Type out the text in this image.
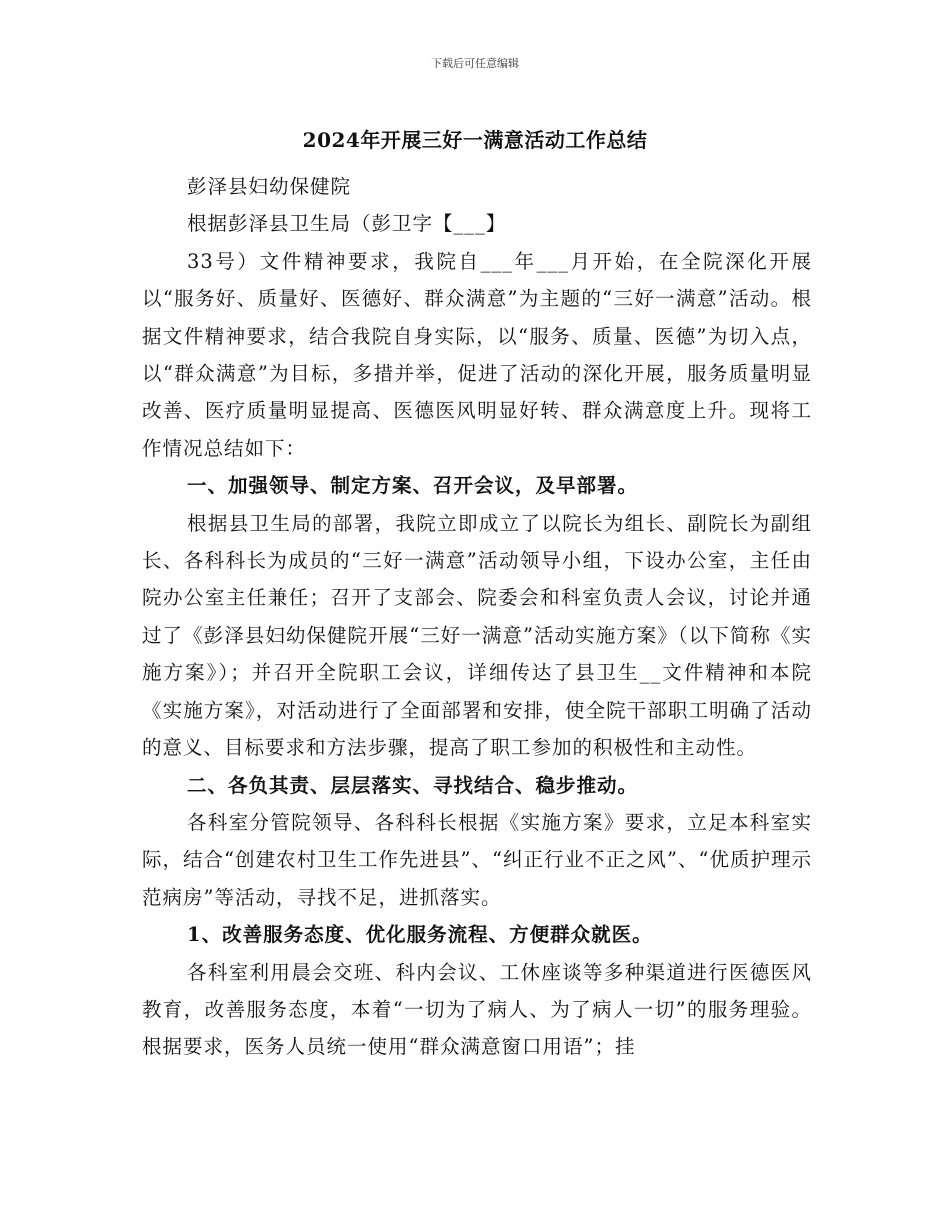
下载后可任意编辑
2024年开展三好一满意活动工作总结

彭泽县妇幼保健院

根据彭泽县卫生局（彭卫字【___】

33号）文件精神要求，我院自___年___月开始，在全院深化开展以“服务好、质量好、医德好、群众满意”为主题的“三好一满意”活动。根据文件精神要求，结合我院自身实际，以“服务、质量、医德”为切入点，以“群众满意”为目标，多措并举，促进了活动的深化开展，服务质量明显改善、医疗质量明显提高、医德医风明显好转、群众满意度上升。现将工作情况总结如下：

一、加强领导、制定方案、召开会议，及早部署。

根据县卫生局的部署，我院立即成立了以院长为组长、副院长为副组长、各科科长为成员的“三好一满意”活动领导小组，下设办公室，主任由院办公室主任兼任；召开了支部会、院委会和科室负责人会议，讨论并通过了《彭泽县妇幼保健院开展“三好一满意”活动实施方案》（以下简称《实施方案》）；并召开全院职工会议，详细传达了县卫生__文件精神和本院《实施方案》，对活动进行了全面部署和安排，使全院干部职工明确了活动的意义、目标要求和方法步骤，提高了职工参加的积极性和主动性。

二、各负其责、层层落实、寻找结合、稳步推动。

各科室分管院领导、各科科长根据《实施方案》要求，立足本科室实际，结合“创建农村卫生工作先进县”、“纠正行业不正之风”、“优质护理示范病房”等活动，寻找不足，进抓落实。

1、改善服务态度、优化服务流程、方便群众就医。

各科室利用晨会交班、科内会议、工休座谈等多种渠道进行医德医风教育，改善服务态度，本着“一切为了病人、为了病人一切”的服务理验。根据要求，医务人员统一使用“群众满意窗口用语”；挂
